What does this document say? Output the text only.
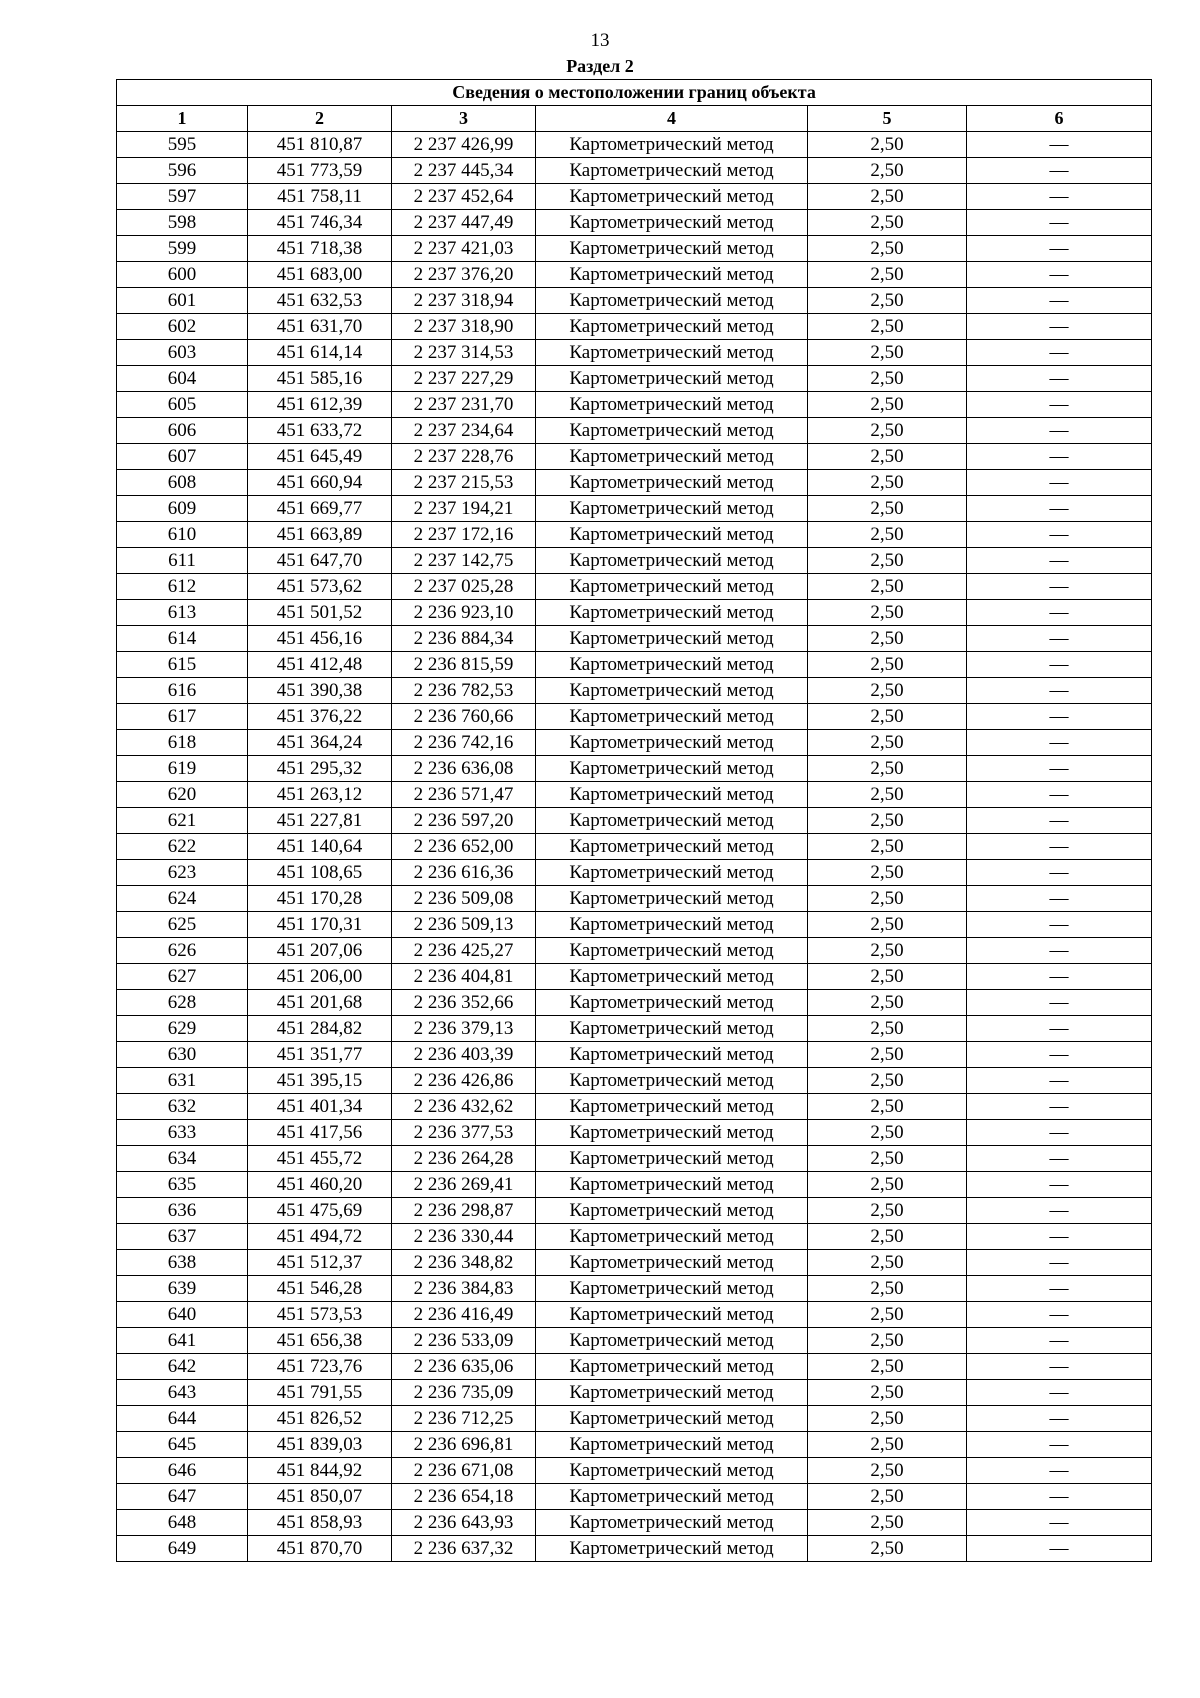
13
Раздел 2
Сведения о местоположении границ объекта					
1	2	3	4	5	6
595	451 810,87	2 237 426,99	Картометрический метод	2,50	—
596	451 773,59	2 237 445,34	Картометрический метод	2,50	—
597	451 758,11	2 237 452,64	Картометрический метод	2,50	—
598	451 746,34	2 237 447,49	Картометрический метод	2,50	—
599	451 718,38	2 237 421,03	Картометрический метод	2,50	—
600	451 683,00	2 237 376,20	Картометрический метод	2,50	—
601	451 632,53	2 237 318,94	Картометрический метод	2,50	—
602	451 631,70	2 237 318,90	Картометрический метод	2,50	—
603	451 614,14	2 237 314,53	Картометрический метод	2,50	—
604	451 585,16	2 237 227,29	Картометрический метод	2,50	—
605	451 612,39	2 237 231,70	Картометрический метод	2,50	—
606	451 633,72	2 237 234,64	Картометрический метод	2,50	—
607	451 645,49	2 237 228,76	Картометрический метод	2,50	—
608	451 660,94	2 237 215,53	Картометрический метод	2,50	—
609	451 669,77	2 237 194,21	Картометрический метод	2,50	—
610	451 663,89	2 237 172,16	Картометрический метод	2,50	—
611	451 647,70	2 237 142,75	Картометрический метод	2,50	—
612	451 573,62	2 237 025,28	Картометрический метод	2,50	—
613	451 501,52	2 236 923,10	Картометрический метод	2,50	—
614	451 456,16	2 236 884,34	Картометрический метод	2,50	—
615	451 412,48	2 236 815,59	Картометрический метод	2,50	—
616	451 390,38	2 236 782,53	Картометрический метод	2,50	—
617	451 376,22	2 236 760,66	Картометрический метод	2,50	—
618	451 364,24	2 236 742,16	Картометрический метод	2,50	—
619	451 295,32	2 236 636,08	Картометрический метод	2,50	—
620	451 263,12	2 236 571,47	Картометрический метод	2,50	—
621	451 227,81	2 236 597,20	Картометрический метод	2,50	—
622	451 140,64	2 236 652,00	Картометрический метод	2,50	—
623	451 108,65	2 236 616,36	Картометрический метод	2,50	—
624	451 170,28	2 236 509,08	Картометрический метод	2,50	—
625	451 170,31	2 236 509,13	Картометрический метод	2,50	—
626	451 207,06	2 236 425,27	Картометрический метод	2,50	—
627	451 206,00	2 236 404,81	Картометрический метод	2,50	—
628	451 201,68	2 236 352,66	Картометрический метод	2,50	—
629	451 284,82	2 236 379,13	Картометрический метод	2,50	—
630	451 351,77	2 236 403,39	Картометрический метод	2,50	—
631	451 395,15	2 236 426,86	Картометрический метод	2,50	—
632	451 401,34	2 236 432,62	Картометрический метод	2,50	—
633	451 417,56	2 236 377,53	Картометрический метод	2,50	—
634	451 455,72	2 236 264,28	Картометрический метод	2,50	—
635	451 460,20	2 236 269,41	Картометрический метод	2,50	—
636	451 475,69	2 236 298,87	Картометрический метод	2,50	—
637	451 494,72	2 236 330,44	Картометрический метод	2,50	—
638	451 512,37	2 236 348,82	Картометрический метод	2,50	—
639	451 546,28	2 236 384,83	Картометрический метод	2,50	—
640	451 573,53	2 236 416,49	Картометрический метод	2,50	—
641	451 656,38	2 236 533,09	Картометрический метод	2,50	—
642	451 723,76	2 236 635,06	Картометрический метод	2,50	—
643	451 791,55	2 236 735,09	Картометрический метод	2,50	—
644	451 826,52	2 236 712,25	Картометрический метод	2,50	—
645	451 839,03	2 236 696,81	Картометрический метод	2,50	—
646	451 844,92	2 236 671,08	Картометрический метод	2,50	—
647	451 850,07	2 236 654,18	Картометрический метод	2,50	—
648	451 858,93	2 236 643,93	Картометрический метод	2,50	—
649	451 870,70	2 236 637,32	Картометрический метод	2,50	—
